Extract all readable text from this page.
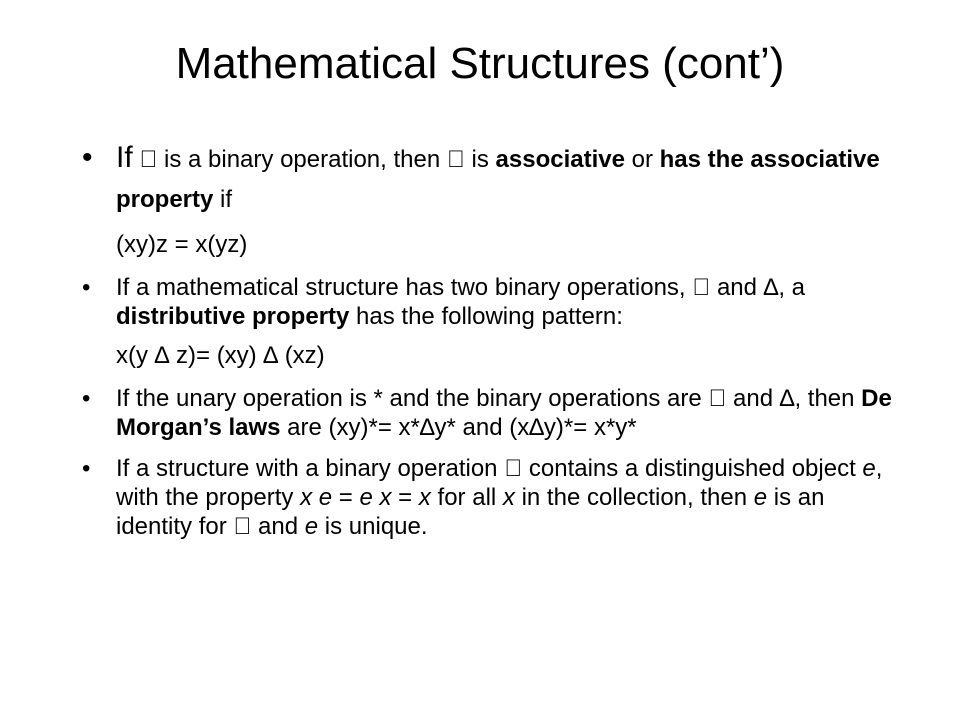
Mathematical Structures (cont’)

• If is a binary operation, then is associative or has the associative property if

(xy)z = x(yz)

• If a mathematical structure has two binary operations, and ∆, a distributive property has the following pattern:

x(y ∆ z)= (xy) ∆ (xz)

• If the unary operation is * and the binary operations are and ∆, then De Morgan’s laws are (xy)*= x*∆y* and (x∆y)*= x*y*

• If a structure with a binary operation contains a distinguished object e, with the property x e = e x = x for all x in the collection, then e is an identity for and e is unique.
